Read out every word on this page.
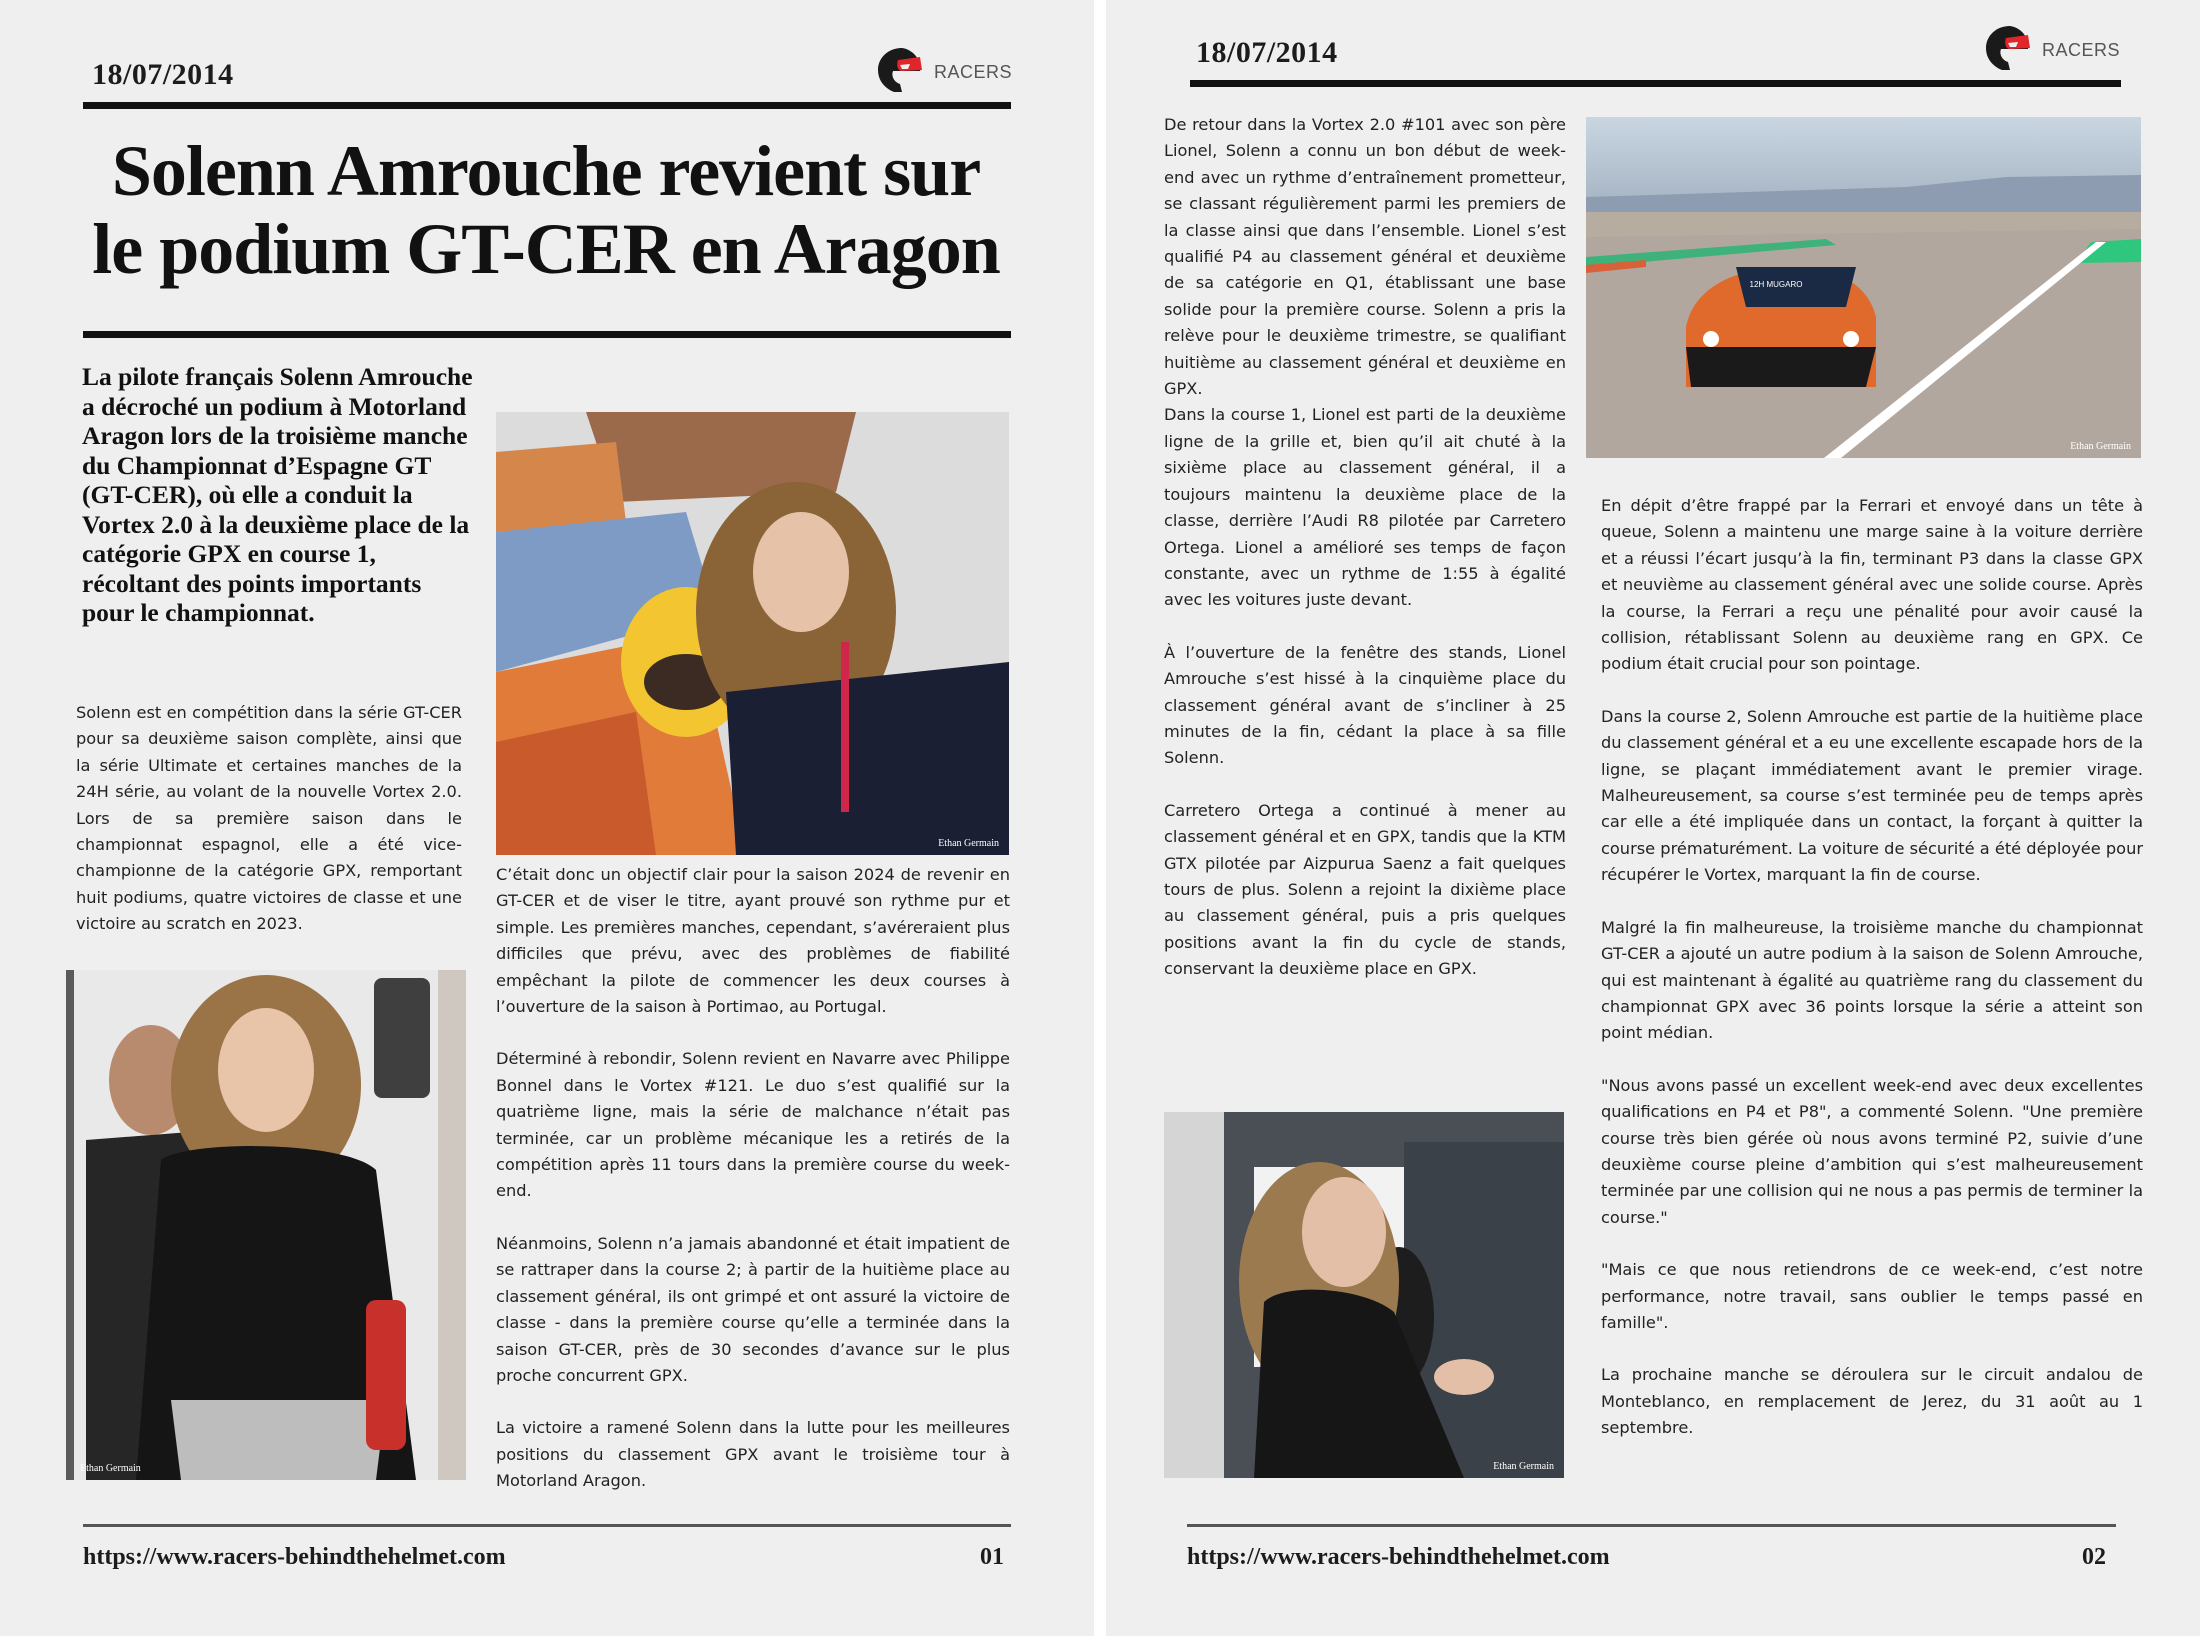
18/07/2014	RACERS
Solenn Amrouche revient sur
le podium GT-CER en Aragon
La pilote français Solenn Amrouche a décroché un podium à Motorland Aragon lors de la troisième manche du Championnat d’Espagne GT (GT-CER), où elle a conduit la Vortex 2.0 à la deuxième place de la catégorie GPX en course 1, récoltant des points importants pour le championnat.

Solenn est en compétition dans la série GT-CER pour sa deuxième saison complète, ainsi que la série Ultimate et certaines manches de la 24H série, au volant de la nouvelle Vortex 2.0. Lors de sa première saison dans le championnat espagnol, elle a été vice-championne de la catégorie GPX, remportant huit podiums, quatre victoires de classe et une victoire au scratch en 2023.

Ethan Germain

C’était donc un objectif clair pour la saison 2024 de revenir en GT-CER et de viser le titre, ayant prouvé son rythme pur et simple. Les premières manches, cependant, s’avéreraient plus difficiles que prévu, avec des problèmes de fiabilité empêchant la pilote de commencer les deux courses à l’ouverture de la saison à Portimao, au Portugal.

Déterminé à rebondir, Solenn revient en Navarre avec Philippe Bonnel dans le Vortex #121. Le duo s’est qualifié sur la quatrième ligne, mais la série de malchance n’était pas terminée, car un problème mécanique les a retirés de la compétition après 11 tours dans la première course du week-end.

Néanmoins, Solenn n’a jamais abandonné et était impatient de se rattraper dans la course 2; à partir de la huitième place au classement général, ils ont grimpé et ont assuré la victoire de classe - dans la première course qu’elle a terminée dans la saison GT-CER, près de 30 secondes d’avance sur le plus proche concurrent GPX.

La victoire a ramené Solenn dans la lutte pour les meilleures positions du classement GPX avant le troisième tour à Motorland Aragon.

Ethan Germain
https://www.racers-behindthehelmet.com	01
18/07/2014	RACERS

De retour dans la Vortex 2.0 #101 avec son père Lionel, Solenn a connu un bon début de week-end avec un rythme d’entraînement prometteur, se classant régulièrement parmi les premiers de la classe ainsi que dans l’ensemble. Lionel s’est qualifié P4 au classement général et deuxième de sa catégorie en Q1, établissant une base solide pour la première course. Solenn a pris la relève pour le deuxième trimestre, se qualifiant huitième au classement général et deuxième en GPX.

Dans la course 1, Lionel est parti de la deuxième ligne de la grille et, bien qu’il ait chuté à la sixième place au classement général, il a toujours maintenu la deuxième place de la classe, derrière l’Audi R8 pilotée par Carretero Ortega. Lionel a amélioré ses temps de façon constante, avec un rythme de 1:55 à égalité avec les voitures juste devant.

À l’ouverture de la fenêtre des stands, Lionel Amrouche s’est hissé à la cinquième place du classement général avant de s’incliner à 25 minutes de la fin, cédant la place à sa fille Solenn.

Carretero Ortega a continué à mener au classement général et en GPX, tandis que la KTM GTX pilotée par Aizpurua Saenz a fait quelques tours de plus. Solenn a rejoint la dixième place au classement général, puis a pris quelques positions avant la fin du cycle de stands, conservant la deuxième place en GPX.

12H MUGARO
Ethan Germain

En dépit d’être frappé par la Ferrari et envoyé dans un tête à queue, Solenn a maintenu une marge saine à la voiture derrière et a réussi l’écart jusqu’à la fin, terminant P3 dans la classe GPX et neuvième au classement général avec une solide course. Après la course, la Ferrari a reçu une pénalité pour avoir causé la collision, rétablissant Solenn au deuxième rang en GPX. Ce podium était crucial pour son pointage.

Dans la course 2, Solenn Amrouche est partie de la huitième place du classement général et a eu une excellente escapade hors de la ligne, se plaçant immédiatement avant le premier virage. Malheureusement, sa course s’est terminée peu de temps après car elle a été impliquée dans un contact, la forçant à quitter la course prématurément. La voiture de sécurité a été déployée pour récupérer le Vortex, marquant la fin de course.

Malgré la fin malheureuse, la troisième manche du championnat GT-CER a ajouté un autre podium à la saison de Solenn Amrouche, qui est maintenant à égalité au quatrième rang du classement du championnat GPX avec 36 points lorsque la série a atteint son point médian.

"Nous avons passé un excellent week-end avec deux excellentes qualifications en P4 et P8", a commenté Solenn. "Une première course très bien gérée où nous avons terminé P2, suivie d’une deuxième course pleine d’ambition qui s’est malheureusement terminée par une collision qui ne nous a pas permis de terminer la course."

"Mais ce que nous retiendrons de ce week-end, c’est notre performance, notre travail, sans oublier le temps passé en famille".

La prochaine manche se déroulera sur le circuit andalou de Monteblanco, en remplacement de Jerez, du 31 août au 1 septembre.

Ethan Germain
https://www.racers-behindthehelmet.com	02
